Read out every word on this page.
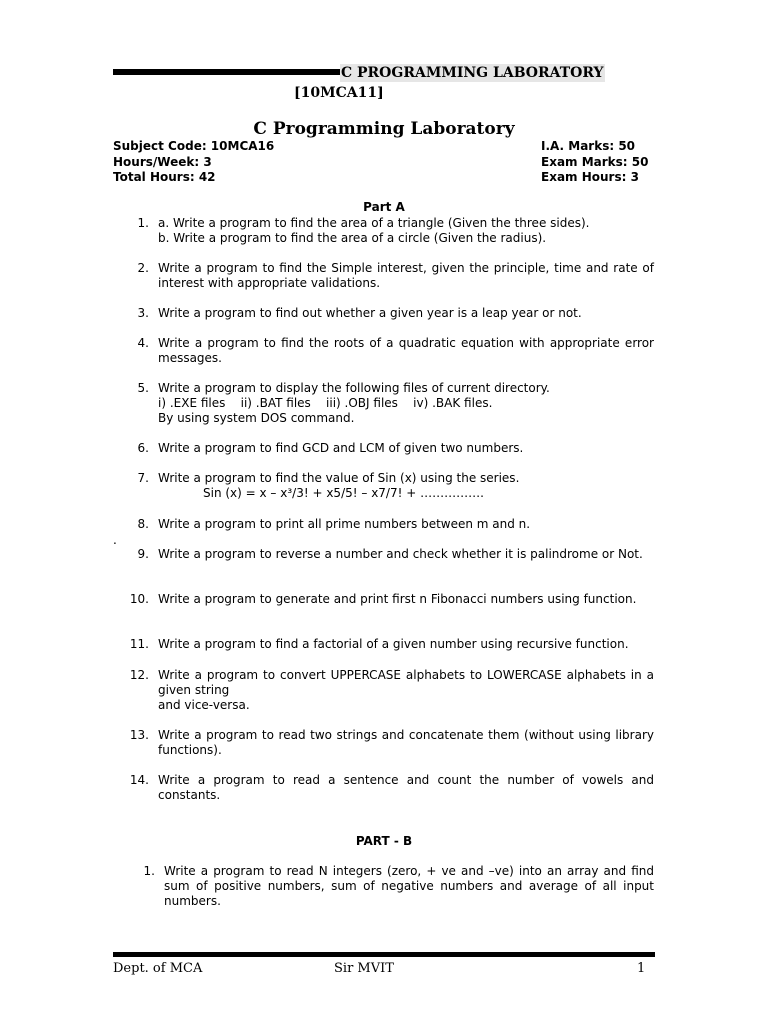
C PROGRAMMING LABORATORY
[10MCA11]
C Programming Laboratory
Subject Code: 10MCA16
Hours/Week: 3
Total Hours: 42
I.A. Marks: 50
Exam Marks: 50
Exam Hours: 3
Part A
1. a. Write a program to find the area of a triangle (Given the three sides).
b. Write a program to find the area of a circle (Given the radius).
2. Write a program to find the Simple interest, given the principle, time and rate of interest with appropriate validations.
3. Write a program to find out whether a given year is a leap year or not.
4. Write a program to find the roots of a quadratic equation with appropriate error messages.
5. Write a program to display the following files of current directory.
i) .EXE files    ii) .BAT files    iii) .OBJ files    iv) .BAK files.
By using system DOS command.
6. Write a program to find GCD and LCM of given two numbers.
7. Write a program to find the value of Sin (x) using the series.
Sin (x) = x – x³/3! + x5/5! – x7/7! + …………….
8. Write a program to print all prime numbers between m and n.
.
9. Write a program to reverse a number and check whether it is palindrome or Not.
10. Write a program to generate and print first n Fibonacci numbers using function.
11. Write a program to find a factorial of a given number using recursive function.
12. Write a program to convert UPPERCASE alphabets to LOWERCASE alphabets in a given string
and vice-versa.
13. Write a program to read two strings and concatenate them (without using library functions).
14. Write a program to read a sentence and count the number of vowels and constants.
PART - B
1. Write a program to read N integers (zero, + ve and –ve) into an array and find sum of positive numbers, sum of negative numbers and average of all input numbers.
Dept. of MCA	Sir MVIT	1
